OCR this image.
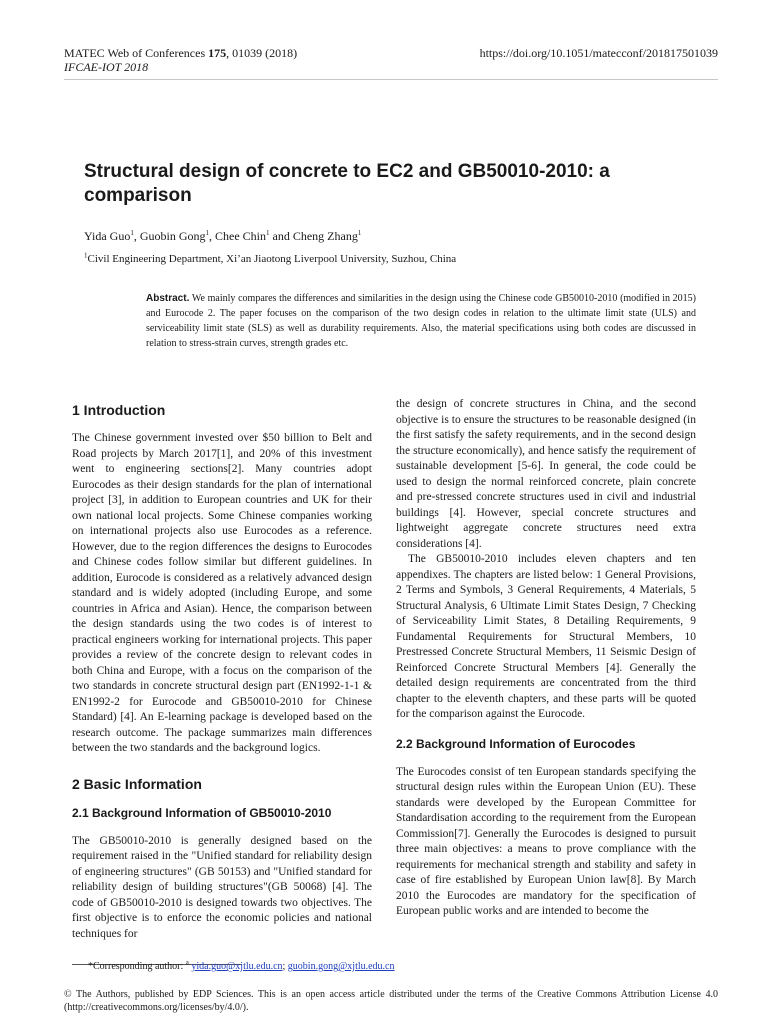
MATEC Web of Conferences 175, 01039 (2018)
IFCAE-IOT 2018
https://doi.org/10.1051/matecconf/201817501039
Structural design of concrete to EC2 and GB50010-2010: a comparison
Yida Guo$^1$, Guobin Gong$^1$, Chee Chin$^1$ and Cheng Zhang$^1$
$^1$Civil Engineering Department, Xi’an Jiaotong Liverpool University, Suzhou, China

Abstract. We mainly compares the differences and similarities in the design using the Chinese code GB50010-2010 (modified in 2015) and Eurocode 2. The paper focuses on the comparison of the two design codes in relation to the ultimate limit state (ULS) and serviceability limit state (SLS) as well as durability requirements. Also, the material specifications using both codes are discussed in relation to stress-strain curves, strength grades etc.

1 Introduction

The Chinese government invested over $50 billion to Belt and Road projects by March 2017[1], and 20% of this investment went to engineering sections[2]. Many countries adopt Eurocodes as their design standards for the plan of international project [3], in addition to European countries and UK for their own national local projects. Some Chinese companies working on international projects also use Eurocodes as a reference. However, due to the region differences the designs to Eurocodes and Chinese codes follow similar but different guidelines. In addition, Eurocode is considered as a relatively advanced design standard and is widely adopted (including Europe, and some countries in Africa and Asian). Hence, the comparison between the design standards using the two codes is of interest to practical engineers working for international projects. This paper provides a review of the concrete design to relevant codes in both China and Europe, with a focus on the comparison of the two standards in concrete structural design part (EN1992-1-1 & EN1992-2 for Eurocode and GB50010-2010 for Chinese Standard) [4]. An E-learning package is developed based on the research outcome. The package summarizes main differences between the two standards and the background logics.

2 Basic Information
2.1 Background Information of GB50010-2010

The GB50010-2010 is generally designed based on the requirement raised in the "Unified standard for reliability design of engineering structures" (GB 50153) and "Unified standard for reliability design of building structures"(GB 50068) [4]. The code of GB50010-2010 is designed towards two objectives. The first objective is to enforce the economic policies and national techniques for

the design of concrete structures in China, and the second objective is to ensure the structures to be reasonable designed (in the first satisfy the safety requirements, and in the second design the structure economically), and hence satisfy the requirement of sustainable development [5-6]. In general, the code could be used to design the normal reinforced concrete, plain concrete and pre-stressed concrete structures used in civil and industrial buildings [4]. However, special concrete structures and lightweight aggregate concrete structures need extra considerations [4].

The GB50010-2010 includes eleven chapters and ten appendixes. The chapters are listed below: 1 General Provisions, 2 Terms and Symbols, 3 General Requirements, 4 Materials, 5 Structural Analysis, 6 Ultimate Limit States Design, 7 Checking of Serviceability Limit States, 8 Detailing Requirements, 9 Fundamental Requirements for Structural Members, 10 Prestressed Concrete Structural Members, 11 Seismic Design of Reinforced Concrete Structural Members [4]. Generally the detailed design requirements are concentrated from the third chapter to the eleventh chapters, and these parts will be quoted for the comparison against the Eurocode.

2.2 Background Information of Eurocodes

The Eurocodes consist of ten European standards specifying the structural design rules within the European Union (EU). These standards were developed by the European Committee for Standardisation according to the requirement from the European Commission[7]. Generally the Eurocodes is designed to pursuit three main objectives: a means to prove compliance with the requirements for mechanical strength and stability and safety in case of fire established by European Union law[8]. By March 2010 the Eurocodes are mandatory for the specification of European public works and are intended to become the

*Corresponding author: $^a$ yida.guo@xjtlu.edu.cn; guobin.gong@xjtlu.edu.cn

© The Authors, published by EDP Sciences. This is an open access article distributed under the terms of the Creative Commons Attribution License 4.0 (http://creativecommons.org/licenses/by/4.0/).
